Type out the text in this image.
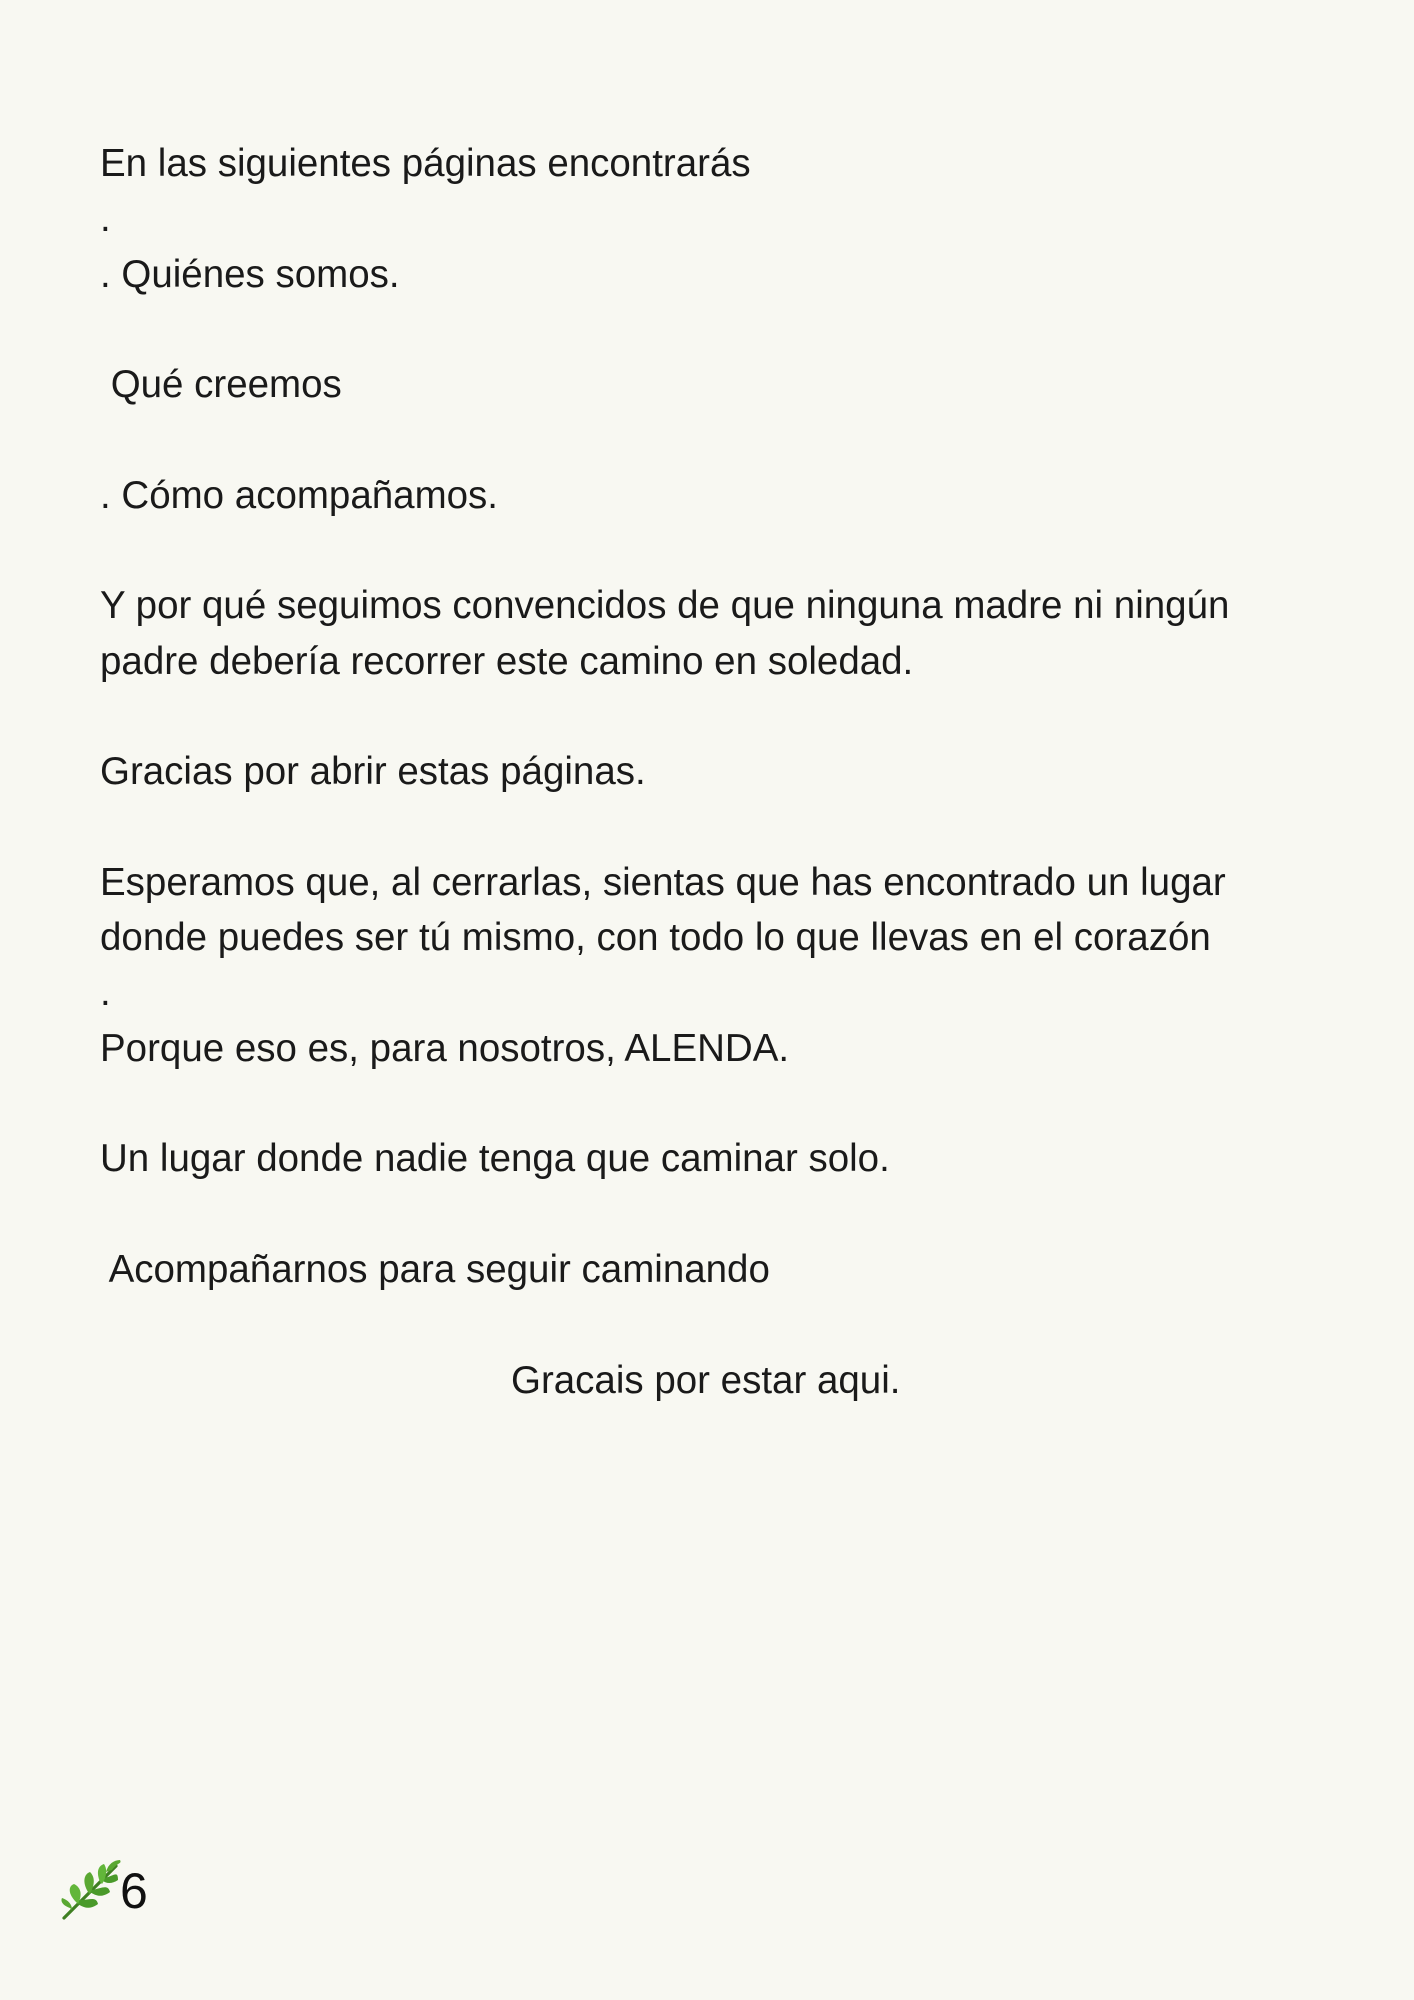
En las siguientes páginas encontrarás

.

. Quiénes somos.

Qué creemos

. Cómo acompañamos.

Y por qué seguimos convencidos de que ninguna madre ni ningún

padre debería recorrer este camino en soledad.

Gracias por abrir estas páginas.

Esperamos que, al cerrarlas, sientas que has encontrado un lugar

donde puedes ser tú mismo, con todo lo que llevas en el corazón

.

Porque eso es, para nosotros, ALENDA.

Un lugar donde nadie tenga que caminar solo.

Acompañarnos para seguir caminando

Gracais por estar aqui.

6
